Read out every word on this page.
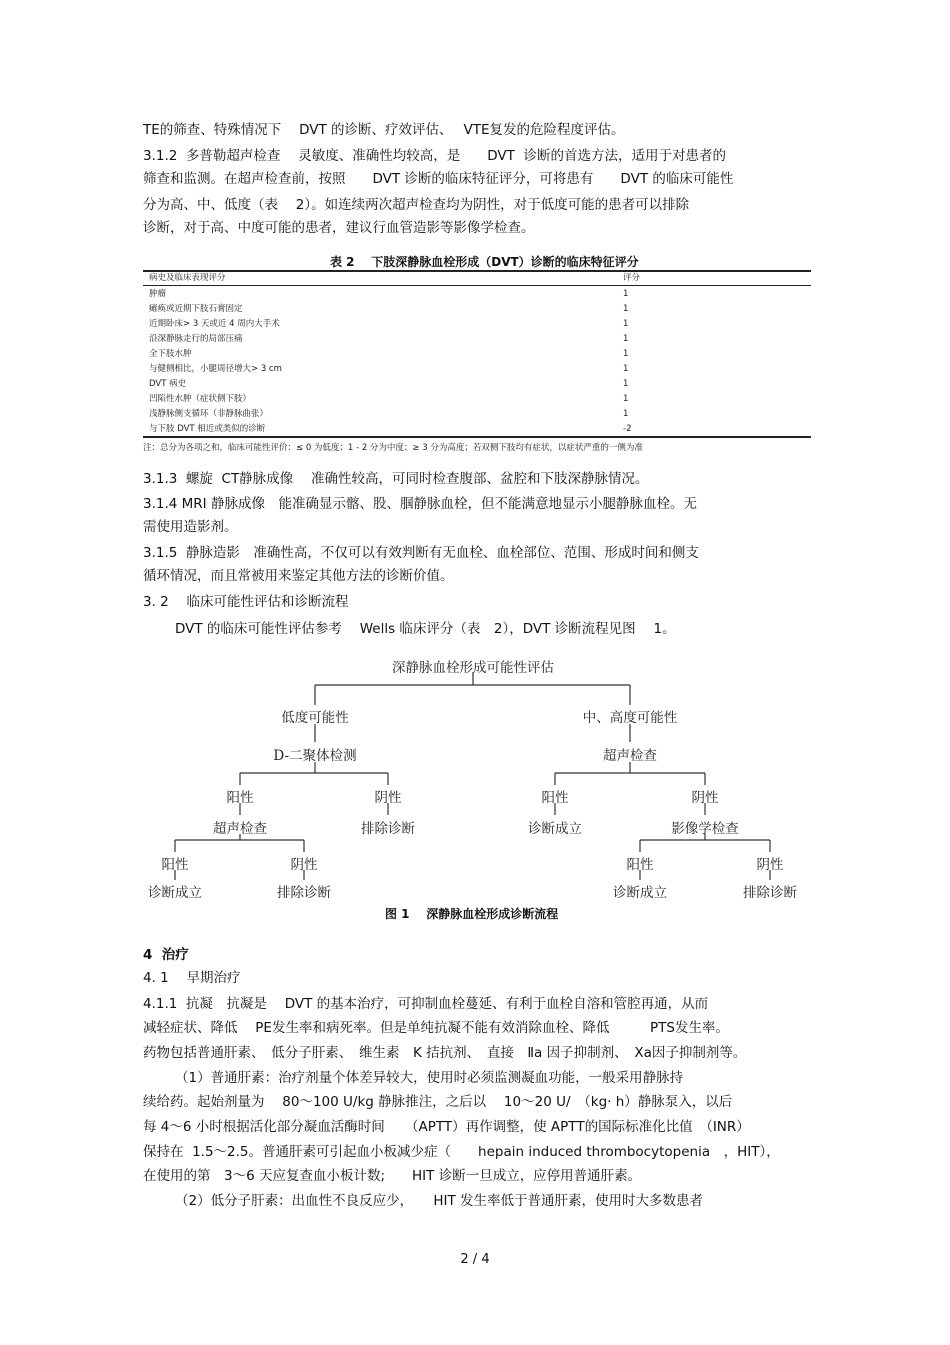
TE的筛查、特殊情况下　 DVT 的诊断、疗效评估、　 VTE复发的危险程度评估。
3.1.2  多普勒超声检查　 灵敏度、准确性均较高，是　　DVT  诊断的首选方法，适用于对患者的
筛查和监测。在超声检查前，按照　　DVT 诊断的临床特征评分，可将患有　　DVT 的临床可能性
分为高、中、低度（表　 2）。如连续两次超声检查均为阴性，对于低度可能的患者可以排除
诊断，对于高、中度可能的患者，建议行血管造影等影像学检查。
表 2    下肢深静脉血栓形成（DVT）诊断的临床特征评分
病史及临床表现评分	评分
肿瘤	1
瘫痪或近期下肢石膏固定	1
近期卧床> 3 天或近 4 周内大手术	1
沿深静脉走行的局部压痛	1
全下肢水肿	1
与健侧相比，小腿周径增大> 3 cm	1
DVT 病史	1
凹陷性水肿（症状侧下肢）	1
浅静脉侧支循环（非静脉曲张）	1
与下肢 DVT 相近或类似的诊断	-2
注：总分为各项之和，临床可能性评价：≤ 0 为低度；1 - 2 分为中度；≥ 3 分为高度；若双侧下肢均有症状，以症状严重的一侧为准
3.1.3  螺旋  CT静脉成像　 准确性较高，可同时检查腹部、盆腔和下肢深静脉情况。
3.1.4 MRI 静脉成像　能准确显示髂、股、腘静脉血栓，但不能满意地显示小腿静脉血栓。无
需使用造影剂。
3.1.5  静脉造影　准确性高，不仅可以有效判断有无血栓、血栓部位、范围、形成时间和侧支
循环情况，而且常被用来鉴定其他方法的诊断价值。
3. 2　 临床可能性评估和诊断流程
DVT 的临床可能性评估参考　 Wells 临床评分（表　2），DVT 诊断流程见图　 1。
深静脉血栓形成可能性评估
低度可能性	中、高度可能性
D-二聚体检测	超声检查
阳性	阴性	阳性	阴性
超声检查	排除诊断	诊断成立	影像学检查
阳性	阴性	阳性	阴性
诊断成立	排除诊断	诊断成立	排除诊断
图 1    深静脉血栓形成诊断流程
4  治疗
4. 1　 早期治疗
4.1.1  抗凝　抗凝是　 DVT 的基本治疗，可抑制血栓蔓延、有利于血栓自溶和管腔再通，从而
减轻症状、降低　 PE发生率和病死率。但是单纯抗凝不能有效消除血栓、降低　　　PTS发生率。
药物包括普通肝素、　低分子肝素、　维生素　K 拮抗剂、　直接　Ⅱa 因子抑制剂、　Xa因子抑制剂等。
（1）普通肝素：治疗剂量个体差异较大，使用时必须监测凝血功能，一般采用静脉持
续给药。起始剂量为　 80～100 U/kg 静脉推注，之后以　 10～20 U/　（kg· h）静脉泵入，以后
每 4～6 小时根据活化部分凝血活酶时间　　（APTT）再作调整，使 APTT的国际标准化比值　（INR）
保持在  1.5～2.5。普通肝素可引起血小板减少症（　　hepain induced thrombocytopenia　，HIT），
在使用的第　3～6 天应复查血小板计数;　　HIT 诊断一旦成立，应停用普通肝素。
（2）低分子肝素：出血性不良反应少，　　HIT 发生率低于普通肝素，使用时大多数患者
2 / 4
